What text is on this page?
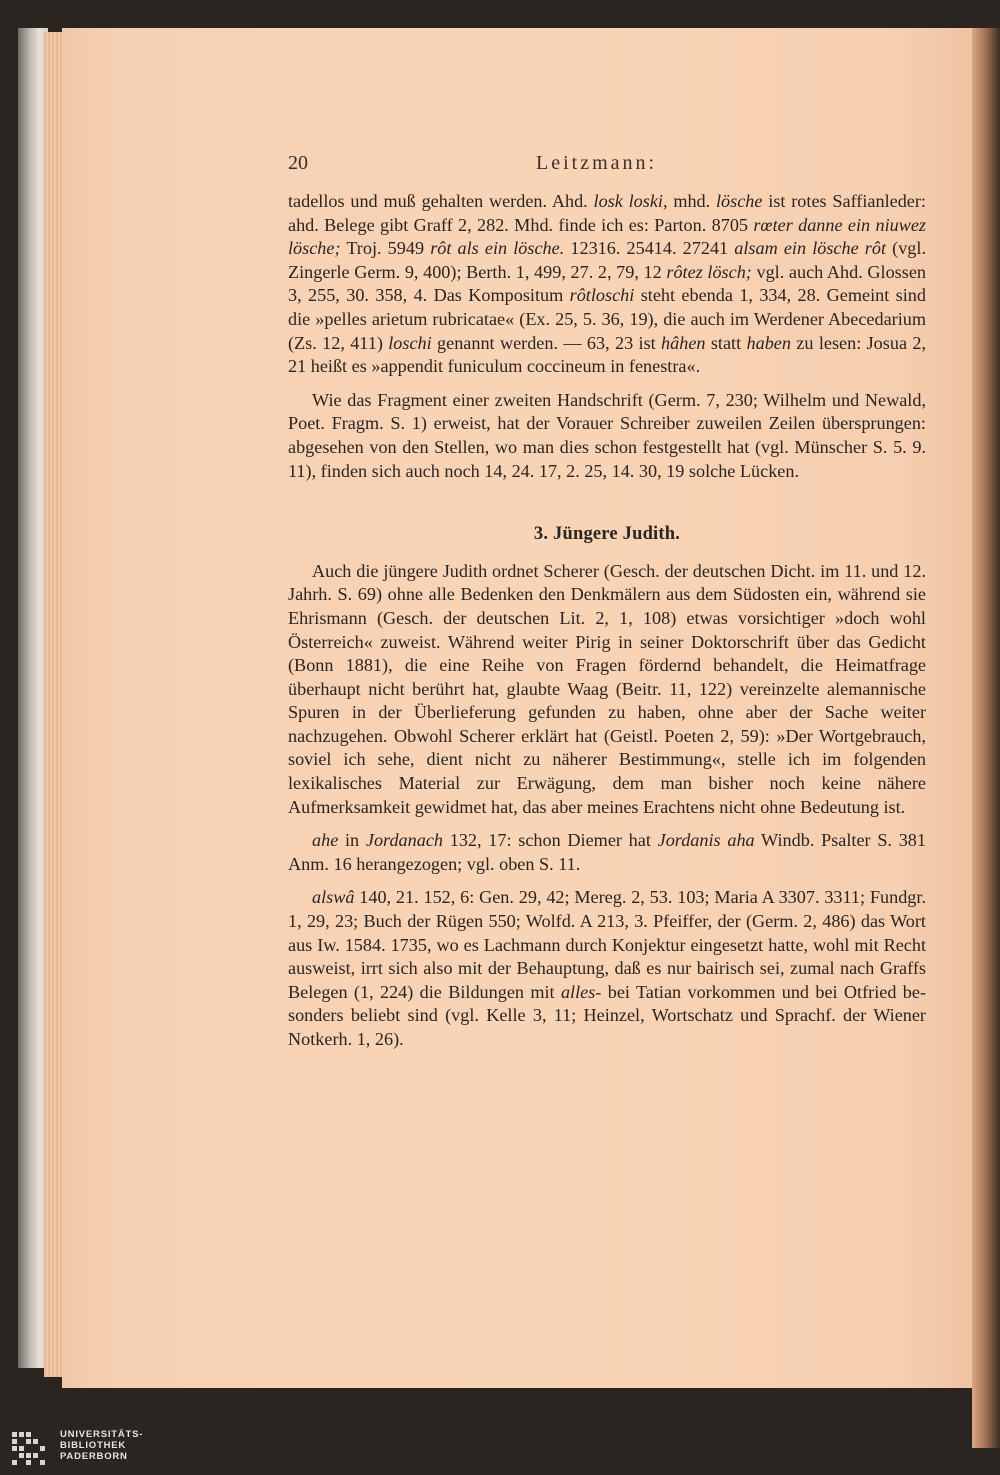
20	Leitzmann:

tadellos und muß gehalten werden. Ahd. losk loski, mhd. lösche ist rotes Saffianleder: ahd. Belege gibt Graff 2, 282. Mhd. finde ich es: Parton. 8705 rœter danne ein niuwez lösche; Troj. 5949 rôt als ein lösche. 12316. 25414. 27241 alsam ein lösche rôt (vgl. Zingerle Germ. 9, 400); Berth. 1, 499, 27. 2, 79, 12 rôtez lösch; vgl. auch Ahd. Glossen 3, 255, 30. 358, 4. Das Kompositum rôtloschi steht ebenda 1, 334, 28. Gemeint sind die »pelles arietum rubricatae« (Ex. 25, 5. 36, 19), die auch im Werdener Abecedarium (Zs. 12, 411) loschi genannt werden. — 63, 23 ist hâhen statt haben zu lesen: Josua 2, 21 heißt es »appendit funiculum coccineum in fenestra«.

Wie das Fragment einer zweiten Handschrift (Germ. 7, 230; Wilhelm und Newald, Poet. Fragm. S. 1) erweist, hat der Vorauer Schreiber zuweilen Zeilen übersprungen: abgesehen von den Stellen, wo man dies schon festgestellt hat (vgl. Münscher S. 5. 9. 11), finden sich auch noch 14, 24. 17, 2. 25, 14. 30, 19 solche Lücken.

3. Jüngere Judith.

Auch die jüngere Judith ordnet Scherer (Gesch. der deutschen Dicht. im 11. und 12. Jahrh. S. 69) ohne alle Bedenken den Denkmälern aus dem Südosten ein, während sie Ehrismann (Gesch. der deutschen Lit. 2, 1, 108) etwas vorsichtiger »doch wohl Österreich« zuweist. Während weiter Pirig in seiner Doktorschrift über das Gedicht (Bonn 1881), die eine Reihe von Fragen fördernd behandelt, die Heimatfrage überhaupt nicht berührt hat, glaubte Waag (Beitr. 11, 122) vereinzelte alemannische Spuren in der Überlieferung gefunden zu haben, ohne aber der Sache weiter nachzugehen. Obwohl Scherer erklärt hat (Geistl. Poeten 2, 59): »Der Wortgebrauch, soviel ich sehe, dient nicht zu näherer Bestimmung«, stelle ich im folgenden lexikalisches Material zur Erwägung, dem man bisher noch keine nähere Aufmerksamkeit gewidmet hat, das aber meines Erachtens nicht ohne Bedeutung ist.

ahe in Jordanach 132, 17: schon Diemer hat Jordanis aha Windb. Psalter S. 381 Anm. 16 herangezogen; vgl. oben S. 11.

alswâ 140, 21. 152, 6: Gen. 29, 42; Mereg. 2, 53. 103; Maria A 3307. 3311; Fundgr. 1, 29, 23; Buch der Rügen 550; Wolfd. A 213, 3. Pfeiffer, der (Germ. 2, 486) das Wort aus Iw. 1584. 1735, wo es Lachmann durch Konjektur eingesetzt hatte, wohl mit Recht ausweist, irrt sich also mit der Behauptung, daß es nur bairisch sei, zumal nach Graffs Belegen (1, 224) die Bildungen mit alles- bei Tatian vorkommen und bei Otfried be-sonders beliebt sind (vgl. Kelle 3, 11; Heinzel, Wortschatz und Sprachf. der Wiener Notkerh. 1, 26).

UNIVERSITÄTS-
BIBLIOTHEK
PADERBORN
